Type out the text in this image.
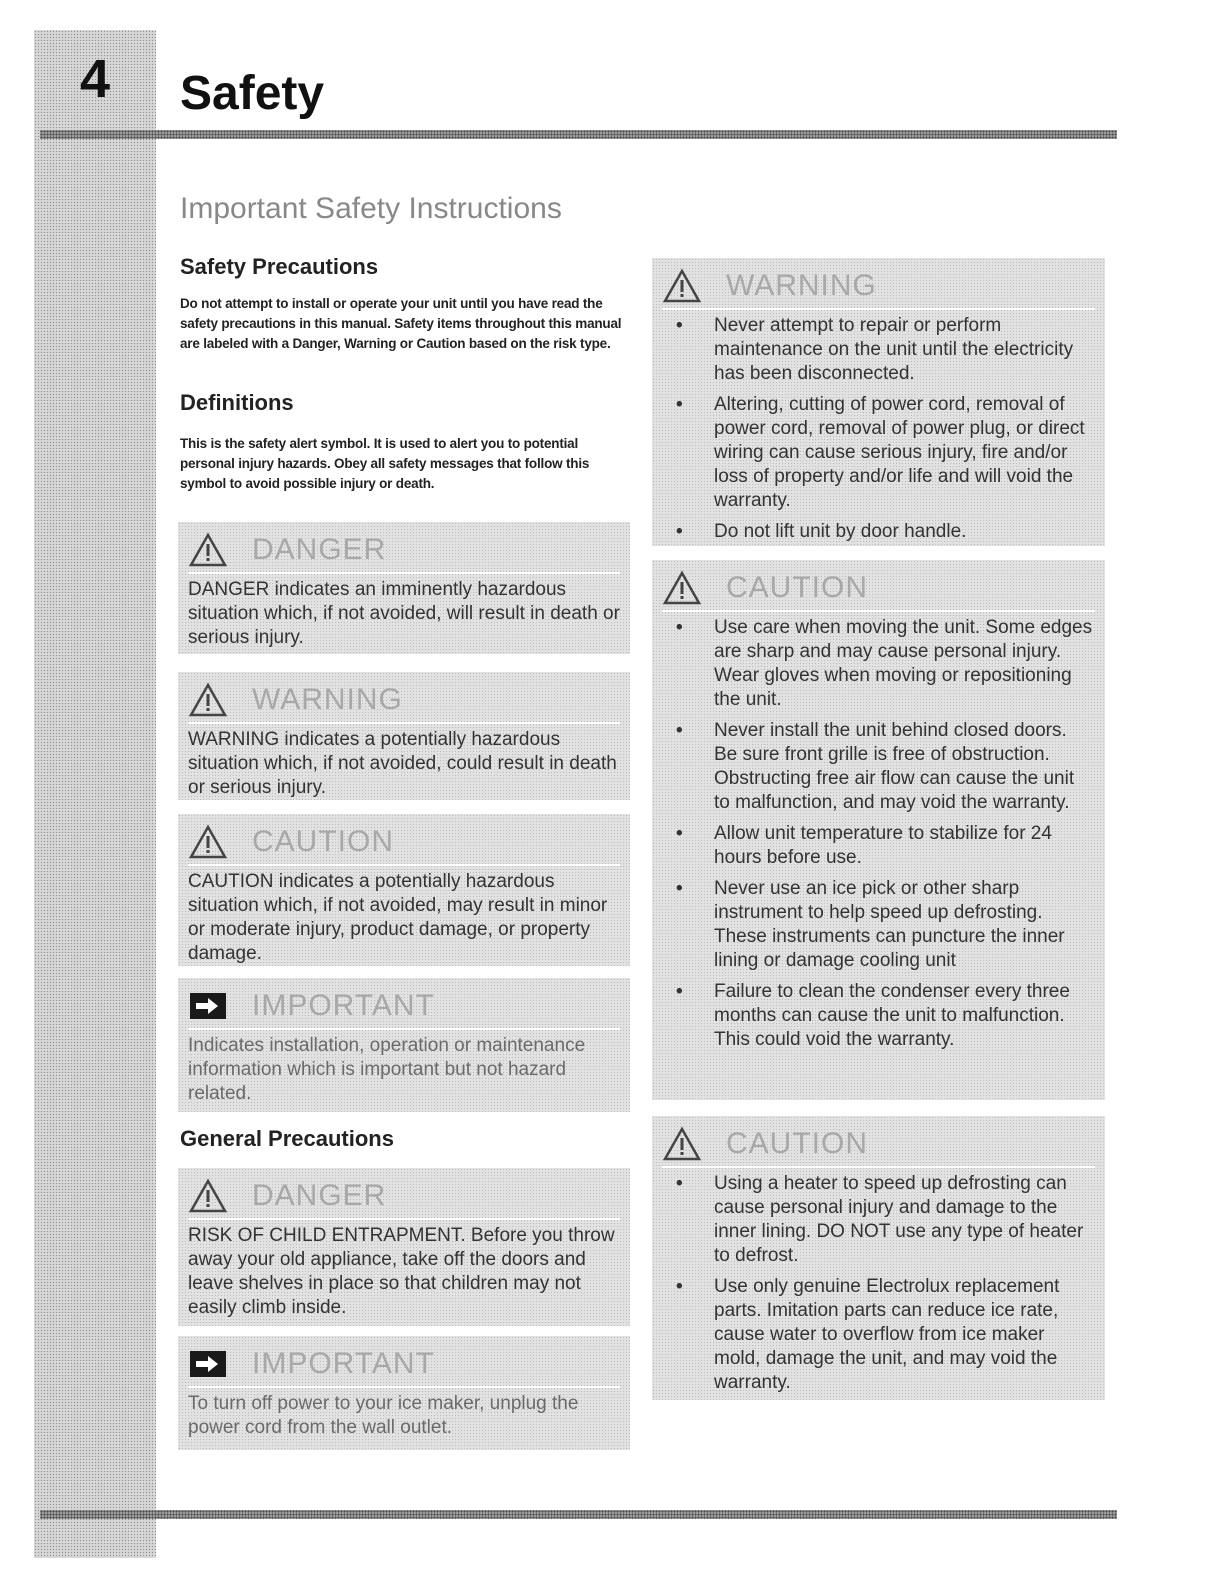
4	Safety
Important Safety Instructions
Safety Precautions
Do not attempt to install or operate your unit until you have read the safety precautions in this manual. Safety items throughout this manual are labeled with a Danger, Warning or Caution based on the risk type.
Definitions
This is the safety alert symbol. It is used to alert you to potential personal injury hazards. Obey all safety messages that follow this symbol to avoid possible injury or death.
DANGER
DANGER indicates an imminently hazardous situation which, if not avoided, will result in death or serious injury.
WARNING
WARNING indicates a potentially hazardous situation which, if not avoided, could result in death or serious injury.
CAUTION
CAUTION indicates a potentially hazardous situation which, if not avoided, may result in minor or moderate injury, product damage, or property damage.
IMPORTANT
Indicates installation, operation or maintenance information which is important but not hazard related.
General Precautions
DANGER
RISK OF CHILD ENTRAPMENT. Before you throw away your old appliance, take off the doors and leave shelves in place so that children may not easily climb inside.
IMPORTANT
To turn off power to your ice maker, unplug the power cord from the wall outlet.
WARNING
• Never attempt to repair or perform maintenance on the unit until the electricity has been disconnected.
• Altering, cutting of power cord, removal of power cord, removal of power plug, or direct wiring can cause serious injury, fire and/or loss of property and/or life and will void the warranty.
• Do not lift unit by door handle.
CAUTION
• Use care when moving the unit. Some edges are sharp and may cause personal injury. Wear gloves when moving or repositioning the unit.
• Never install the unit behind closed doors. Be sure front grille is free of obstruction. Obstructing free air flow can cause the unit to malfunction, and may void the warranty.
• Allow unit temperature to stabilize for 24 hours before use.
• Never use an ice pick or other sharp instrument to help speed up defrosting. These instruments can puncture the inner lining or damage cooling unit
• Failure to clean the condenser every three months can cause the unit to malfunction. This could void the warranty.
CAUTION
• Using a heater to speed up defrosting can cause personal injury and damage to the inner lining. DO NOT use any type of heater to defrost.
• Use only genuine Electrolux replacement parts. Imitation parts can reduce ice rate, cause water to overflow from ice maker mold, damage the unit, and may void the warranty.
